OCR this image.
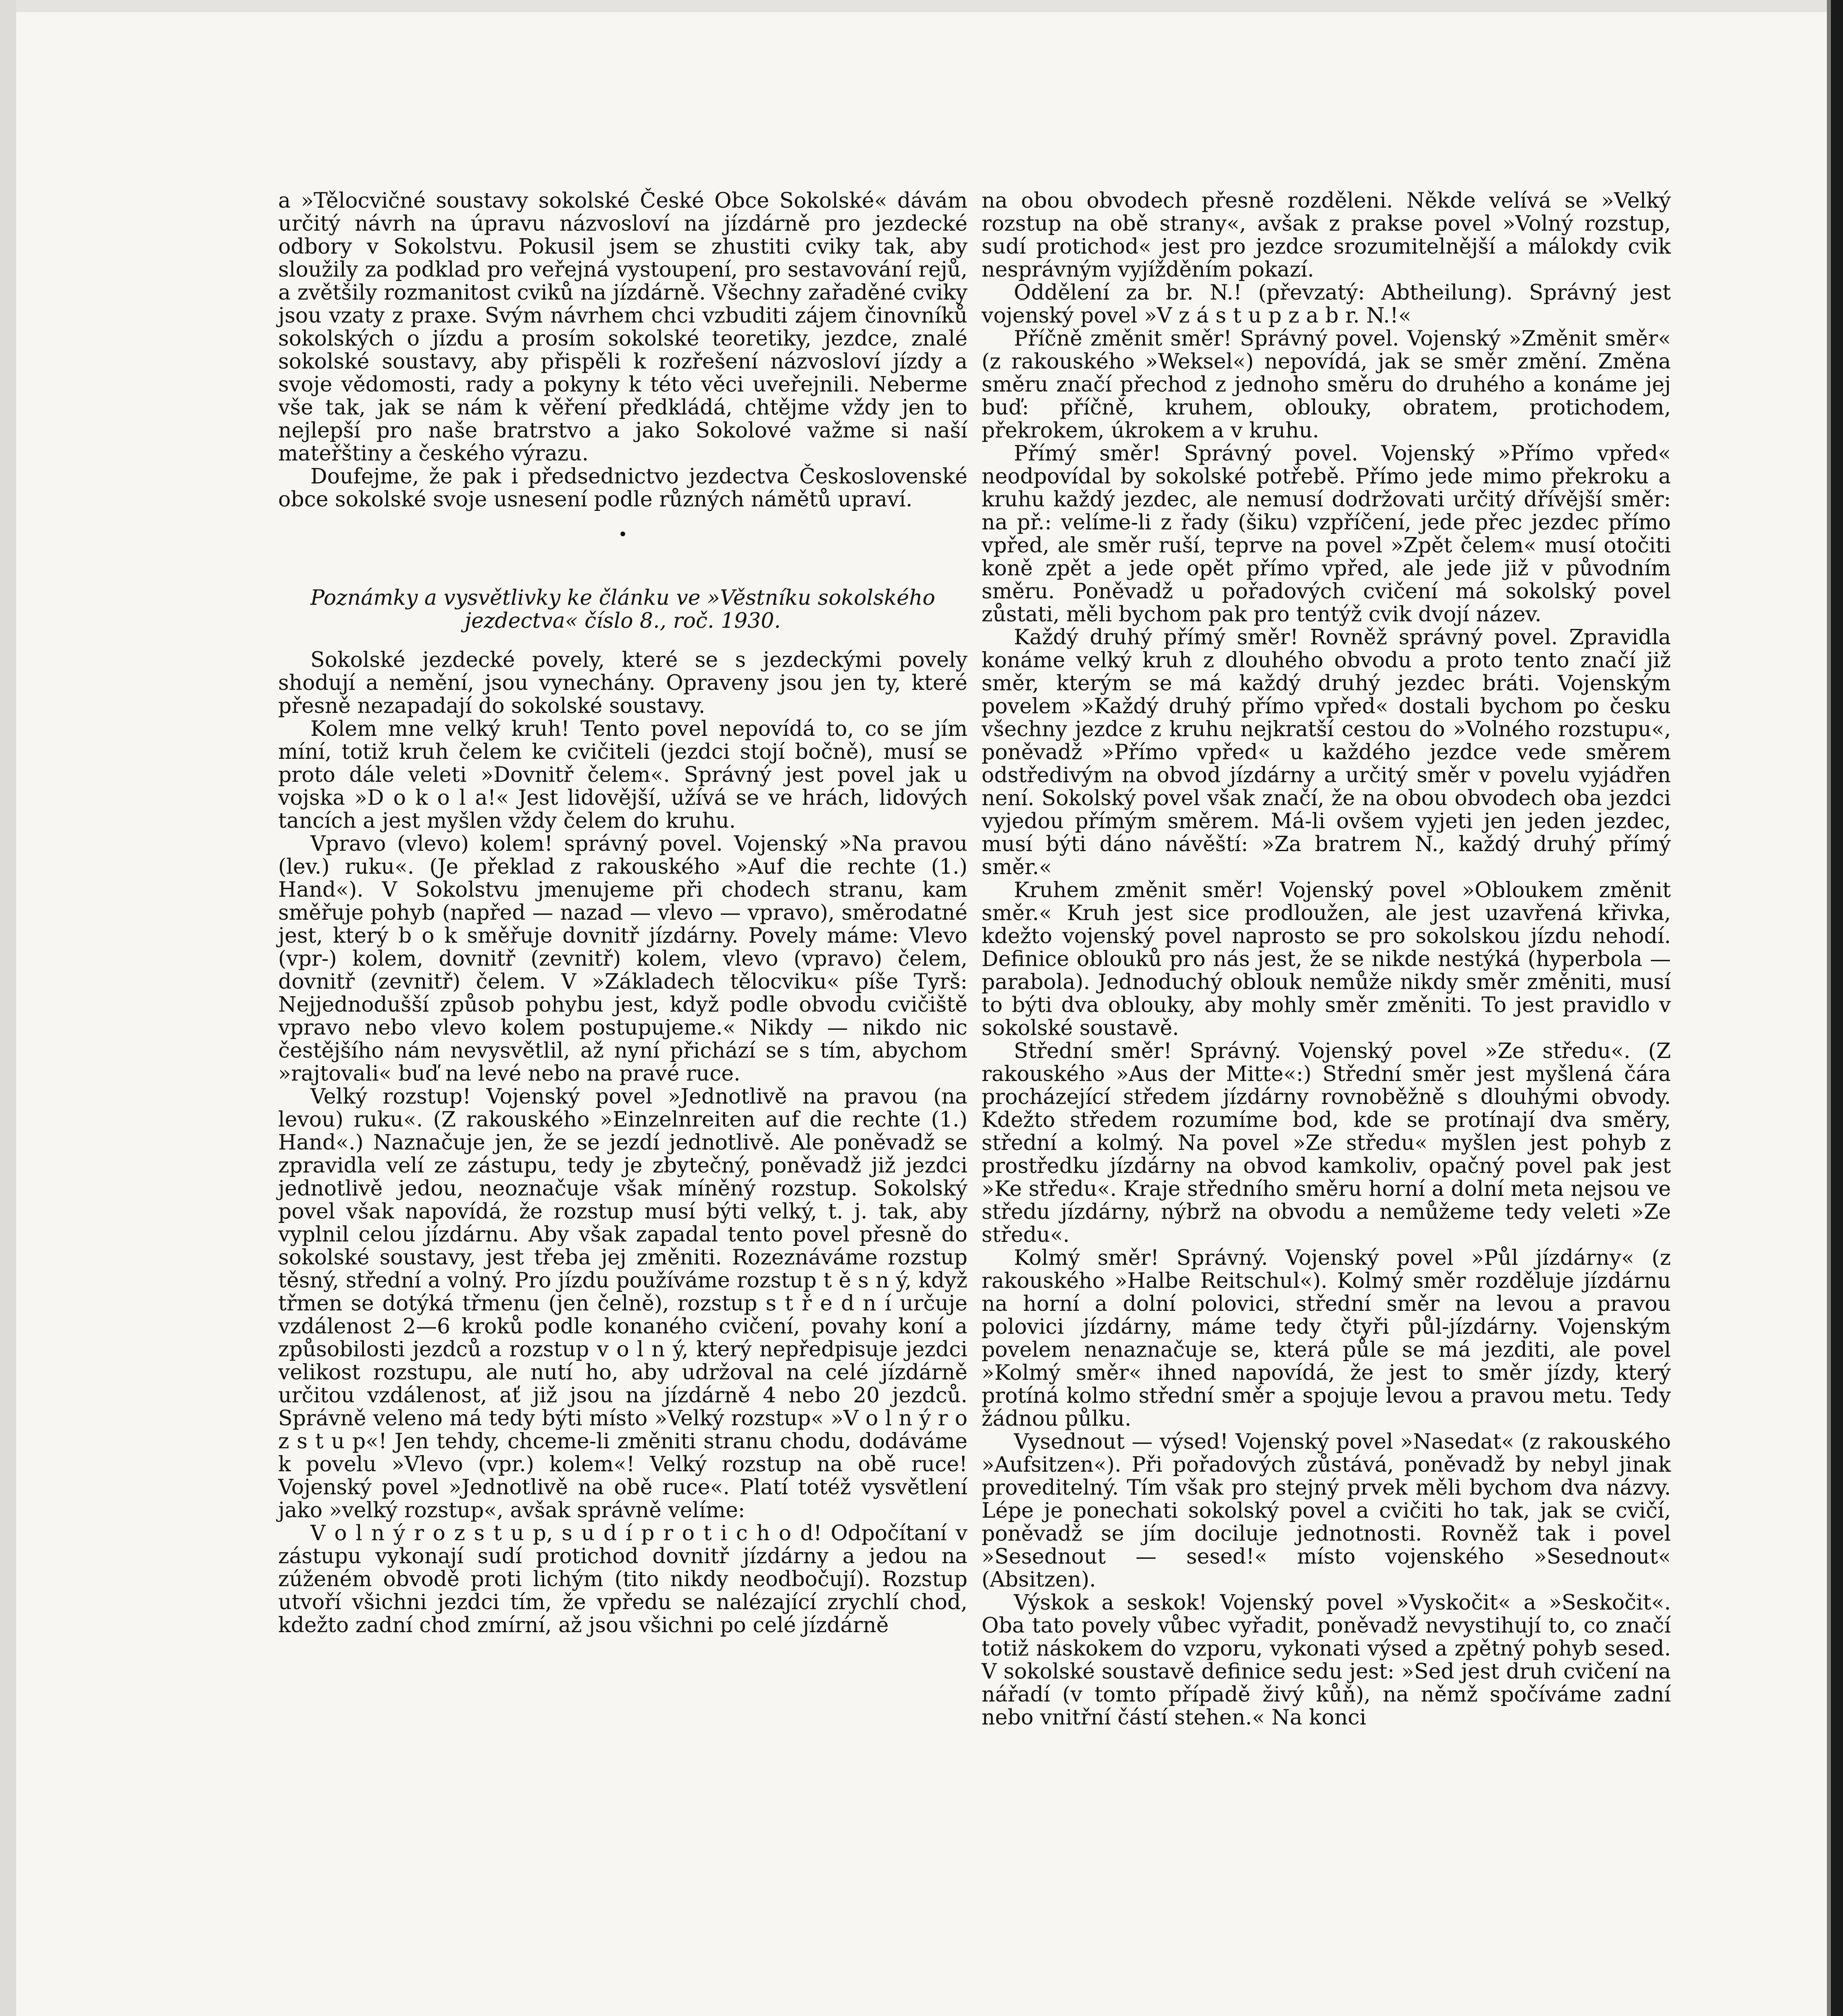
a »Tělocvičné soustavy sokolské České Obce Sokolské« dávám určitý návrh na úpravu názvosloví na jízdárně pro jezdecké odbory v Sokolstvu. Pokusil jsem se zhustiti cviky tak, aby sloužily za podklad pro veřejná vystoupení, pro sestavování rejů, a zvětšily rozmanitost cviků na jízdárně. Všechny zařaděné cviky jsou vzaty z praxe. Svým návrhem chci vzbuditi zájem činovníků sokolských o jízdu a prosím sokolské teoretiky, jezdce, znalé sokolské soustavy, aby přispěli k rozřešení názvosloví jízdy a svoje vědomosti, rady a pokyny k této věci uveřejnili. Neberme vše tak, jak se nám k věření předkládá, chtějme vždy jen to nejlepší pro naše bratrstvo a jako Sokolové važme si naší mateřštiny a českého výrazu.

Doufejme, že pak i předsednictvo jezdectva Československé obce sokolské svoje usnesení podle různých námětů upraví.

•
Poznámky a vysvětlivky ke článku ve »Věstníku sokolského jezdectva« číslo 8., roč. 1930.

Sokolské jezdecké povely, které se s jezdeckými povely shodují a nemění, jsou vynechány. Opraveny jsou jen ty, které přesně nezapadají do sokolské soustavy.

Kolem mne velký kruh! Tento povel nepovídá to, co se jím míní, totiž kruh čelem ke cvičiteli (jezdci stojí bočně), musí se proto dále veleti »Dovnitř čelem«. Správný jest povel jak u vojska »D o k o l a!« Jest lidovější, užívá se ve hrách, lidových tancích a jest myšlen vždy čelem do kruhu.

Vpravo (vlevo) kolem! správný povel. Vojenský »Na pravou (lev.) ruku«. (Je překlad z rakouského »Auf die rechte (1.) Hand«). V Sokolstvu jmenujeme při chodech stranu, kam směřuje pohyb (napřed — nazad — vlevo — vpravo), směrodatné jest, který b o k směřuje dovnitř jízdárny. Povely máme: Vlevo (vpr-) kolem, dovnitř (zevnitř) kolem, vlevo (vpravo) čelem, dovnitř (zevnitř) čelem. V »Základech tělocviku« píše Tyrš: Nejjednodušší způsob pohybu jest, když podle obvodu cvičiště vpravo nebo vlevo kolem postupujeme.« Nikdy — nikdo nic čestějšího nám nevysvětlil, až nyní přichází se s tím, abychom »rajtovali« buď na levé nebo na pravé ruce.

Velký rozstup! Vojenský povel »Jednotlivě na pravou (na levou) ruku«. (Z rakouského »Einzelnreiten auf die rechte (1.) Hand«.) Naznačuje jen, že se jezdí jednotlivě. Ale poněvadž se zpravidla velí ze zástupu, tedy je zbytečný, poněvadž již jezdci jednotlivě jedou, neoznačuje však míněný rozstup. Sokolský povel však napovídá, že rozstup musí býti velký, t. j. tak, aby vyplnil celou jízdárnu. Aby však zapadal tento povel přesně do sokolské soustavy, jest třeba jej změniti. Rozeznáváme rozstup těsný, střední a volný. Pro jízdu používáme rozstup t ě s n ý, když třmen se dotýká třmenu (jen čelně), rozstup s t ř e d n í určuje vzdálenost 2—6 kroků podle konaného cvičení, povahy koní a způsobilosti jezdců a rozstup v o l n ý, který nepředpisuje jezdci velikost rozstupu, ale nutí ho, aby udržoval na celé jízdárně určitou vzdálenost, ať již jsou na jízdárně 4 nebo 20 jezdců. Správně veleno má tedy býti místo »Velký rozstup« »V o l n ý r o z s t u p«! Jen tehdy, chceme-li změniti stranu chodu, dodáváme k povelu »Vlevo (vpr.) kolem«! Velký rozstup na obě ruce! Vojenský povel »Jednotlivě na obě ruce«. Platí totéž vysvětlení jako »velký rozstup«, avšak správně velíme:

V o l n ý r o z s t u p, s u d í p r o t i c h o d! Odpočítaní v zástupu vykonají sudí protichod dovnitř jízdárny a jedou na zúženém obvodě proti lichým (tito nikdy neodbočují). Rozstup utvoří všichni jezdci tím, že vpředu se nalézající zrychlí chod, kdežto zadní chod zmírní, až jsou všichni po celé jízdárně

na obou obvodech přesně rozděleni. Někde velívá se »Velký rozstup na obě strany«, avšak z prakse povel »Volný rozstup, sudí protichod« jest pro jezdce srozumitelnější a málokdy cvik nesprávným vyjížděním pokazí.

Oddělení za br. N.! (převzatý: Abtheilung). Správný jest vojenský povel »V z á s t u p z a b r. N.!«

Příčně změnit směr! Správný povel. Vojenský »Změnit směr« (z rakouského »Weksel«) nepovídá, jak se směr změní. Změna směru značí přechod z jednoho směru do druhého a konáme jej buď: příčně, kruhem, oblouky, obratem, protichodem, překrokem, úkrokem a v kruhu.

Přímý směr! Správný povel. Vojenský »Přímo vpřed« neodpovídal by sokolské potřebě. Přímo jede mimo překroku a kruhu každý jezdec, ale nemusí dodržovati určitý dřívější směr: na př.: velíme-li z řady (šiku) vzpříčení, jede přec jezdec přímo vpřed, ale směr ruší, teprve na povel »Zpět čelem« musí otočiti koně zpět a jede opět přímo vpřed, ale jede již v původním směru. Poněvadž u pořadových cvičení má sokolský povel zůstati, měli bychom pak pro tentýž cvik dvojí název.

Každý druhý přímý směr! Rovněž správný povel. Zpravidla konáme velký kruh z dlouhého obvodu a proto tento značí již směr, kterým se má každý druhý jezdec bráti. Vojenským povelem »Každý druhý přímo vpřed« dostali bychom po česku všechny jezdce z kruhu nejkratší cestou do »Volného rozstupu«, poněvadž »Přímo vpřed« u každého jezdce vede směrem odstředivým na obvod jízdárny a určitý směr v povelu vyjádřen není. Sokolský povel však značí, že na obou obvodech oba jezdci vyjedou přímým směrem. Má-li ovšem vyjeti jen jeden jezdec, musí býti dáno návěští: »Za bratrem N., každý druhý přímý směr.«

Kruhem změnit směr! Vojenský povel »Obloukem změnit směr.« Kruh jest sice prodloužen, ale jest uzavřená křivka, kdežto vojenský povel naprosto se pro sokolskou jízdu nehodí. Definice oblouků pro nás jest, že se nikde nestýká (hyperbola — parabola). Jednoduchý oblouk nemůže nikdy směr změniti, musí to býti dva oblouky, aby mohly směr změniti. To jest pravidlo v sokolské soustavě.

Střední směr! Správný. Vojenský povel »Ze středu«. (Z rakouského »Aus der Mitte«:) Střední směr jest myšlená čára procházející středem jízdárny rovnoběžně s dlouhými obvody. Kdežto středem rozumíme bod, kde se protínají dva směry, střední a kolmý. Na povel »Ze středu« myšlen jest pohyb z prostředku jízdárny na obvod kamkoliv, opačný povel pak jest »Ke středu«. Kraje středního směru horní a dolní meta nejsou ve středu jízdárny, nýbrž na obvodu a nemůžeme tedy veleti »Ze středu«.

Kolmý směr! Správný. Vojenský povel »Půl jízdárny« (z rakouského »Halbe Reitschul«). Kolmý směr rozděluje jízdárnu na horní a dolní polovici, střední směr na levou a pravou polovici jízdárny, máme tedy čtyři půl-jízdárny. Vojenským povelem nenaznačuje se, která půle se má jezditi, ale povel »Kolmý směr« ihned napovídá, že jest to směr jízdy, který protíná kolmo střední směr a spojuje levou a pravou metu. Tedy žádnou půlku.

Vysednout — výsed! Vojenský povel »Nasedat« (z rakouského »Aufsitzen«). Při pořadových zůstává, poněvadž by nebyl jinak proveditelný. Tím však pro stejný prvek měli bychom dva názvy. Lépe je ponechati sokolský povel a cvičiti ho tak, jak se cvičí, poněvadž se jím dociluje jednotnosti. Rovněž tak i povel »Sesednout — sesed!« místo vojenského »Sesednout« (Absitzen).

Výskok a seskok! Vojenský povel »Vyskočit« a »Seskočit«. Oba tato povely vůbec vyřadit, poněvadž nevystihují to, co značí totiž náskokem do vzporu, vykonati výsed a zpětný pohyb sesed. V sokolské soustavě definice sedu jest: »Sed jest druh cvičení na nářadí (v tomto případě živý kůň), na němž spočíváme zadní nebo vnitřní částí stehen.« Na konci
